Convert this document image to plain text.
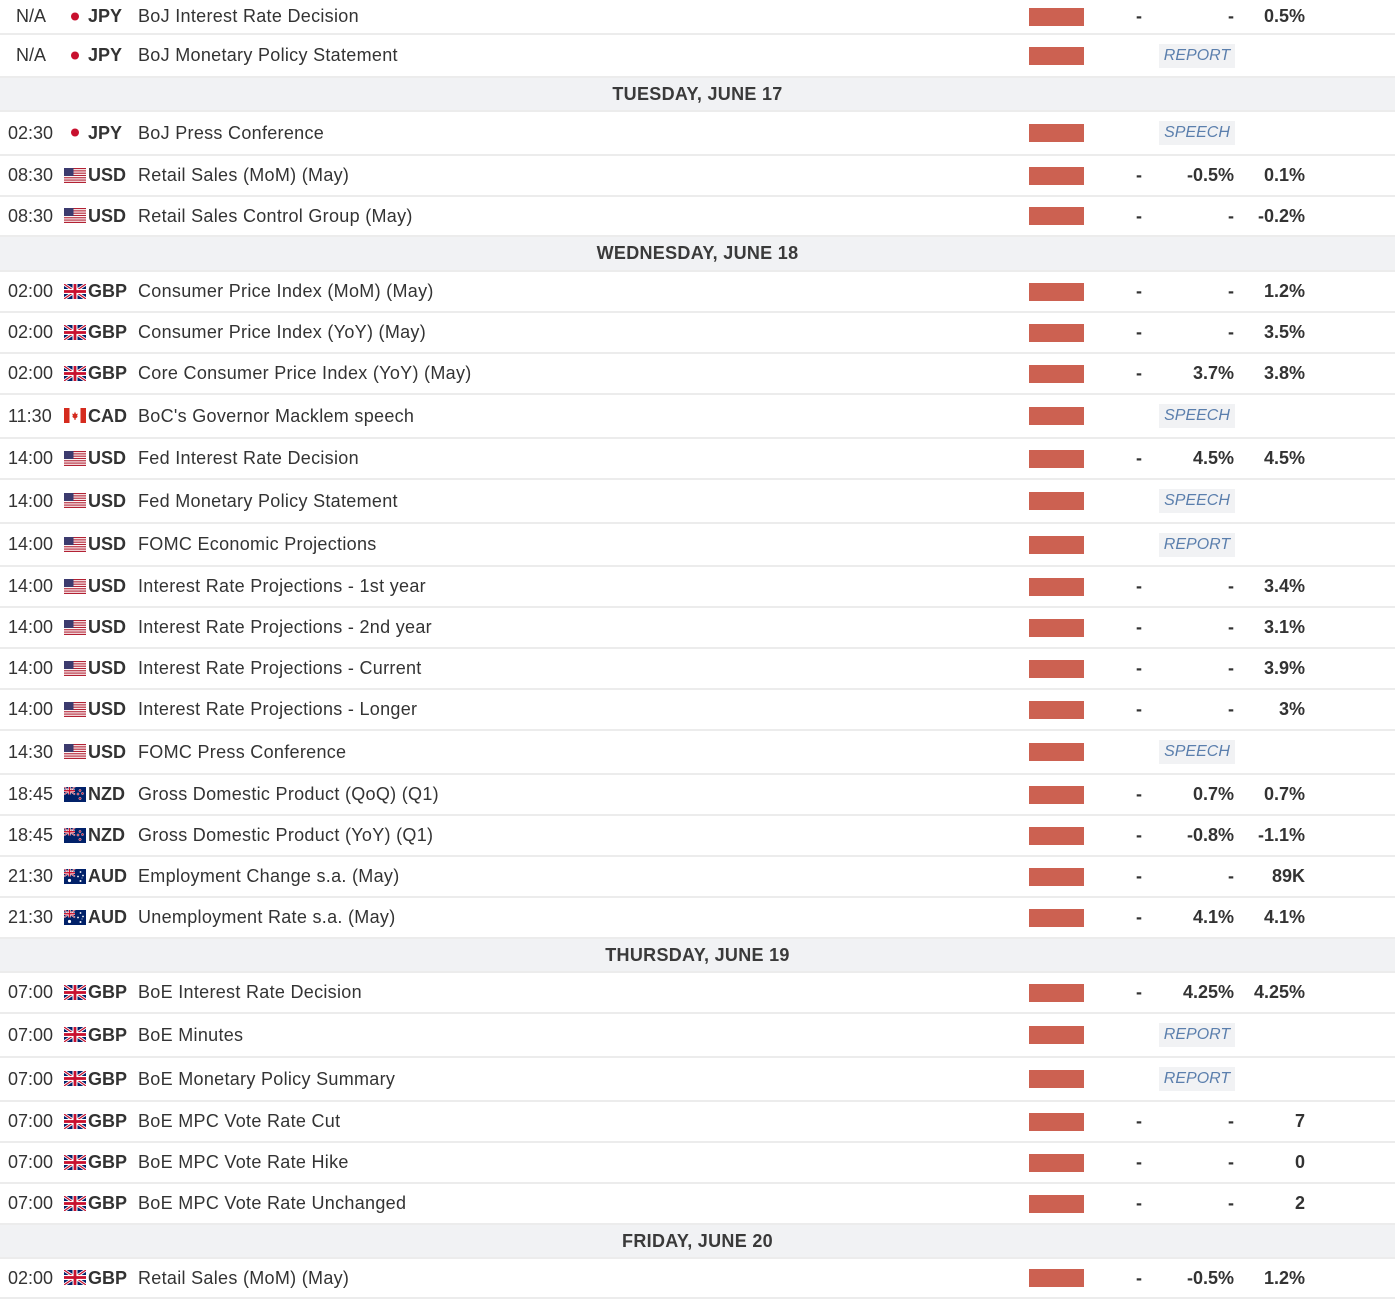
N/A JPY BoJ Interest Rate Decision	-	-	0.5%
N/A JPY BoJ Monetary Policy Statement	REPORT
TUESDAY, JUNE 17
02:30 JPY BoJ Press Conference	SPEECH
08:30 USD Retail Sales (MoM) (May)	-	-0.5%	0.1%
08:30 USD Retail Sales Control Group (May)	-	-	-0.2%
WEDNESDAY, JUNE 18
02:00 GBP Consumer Price Index (MoM) (May)	-	-	1.2%
02:00 GBP Consumer Price Index (YoY) (May)	-	-	3.5%
02:00 GBP Core Consumer Price Index (YoY) (May)	-	3.7%	3.8%
11:30 CAD BoC's Governor Macklem speech	SPEECH
14:00 USD Fed Interest Rate Decision	-	4.5%	4.5%
14:00 USD Fed Monetary Policy Statement	SPEECH
14:00 USD FOMC Economic Projections	REPORT
14:00 USD Interest Rate Projections - 1st year	-	-	3.4%
14:00 USD Interest Rate Projections - 2nd year	-	-	3.1%
14:00 USD Interest Rate Projections - Current	-	-	3.9%
14:00 USD Interest Rate Projections - Longer	-	-	3%
14:30 USD FOMC Press Conference	SPEECH
18:45 NZD Gross Domestic Product (QoQ) (Q1)	-	0.7%	0.7%
18:45 NZD Gross Domestic Product (YoY) (Q1)	-	-0.8%	-1.1%
21:30 AUD Employment Change s.a. (May)	-	-	89K
21:30 AUD Unemployment Rate s.a. (May)	-	4.1%	4.1%
THURSDAY, JUNE 19
07:00 GBP BoE Interest Rate Decision	-	4.25%	4.25%
07:00 GBP BoE Minutes	REPORT
07:00 GBP BoE Monetary Policy Summary	REPORT
07:00 GBP BoE MPC Vote Rate Cut	-	-	7
07:00 GBP BoE MPC Vote Rate Hike	-	-	0
07:00 GBP BoE MPC Vote Rate Unchanged	-	-	2
FRIDAY, JUNE 20
02:00 GBP Retail Sales (MoM) (May)	-	-0.5%	1.2%
